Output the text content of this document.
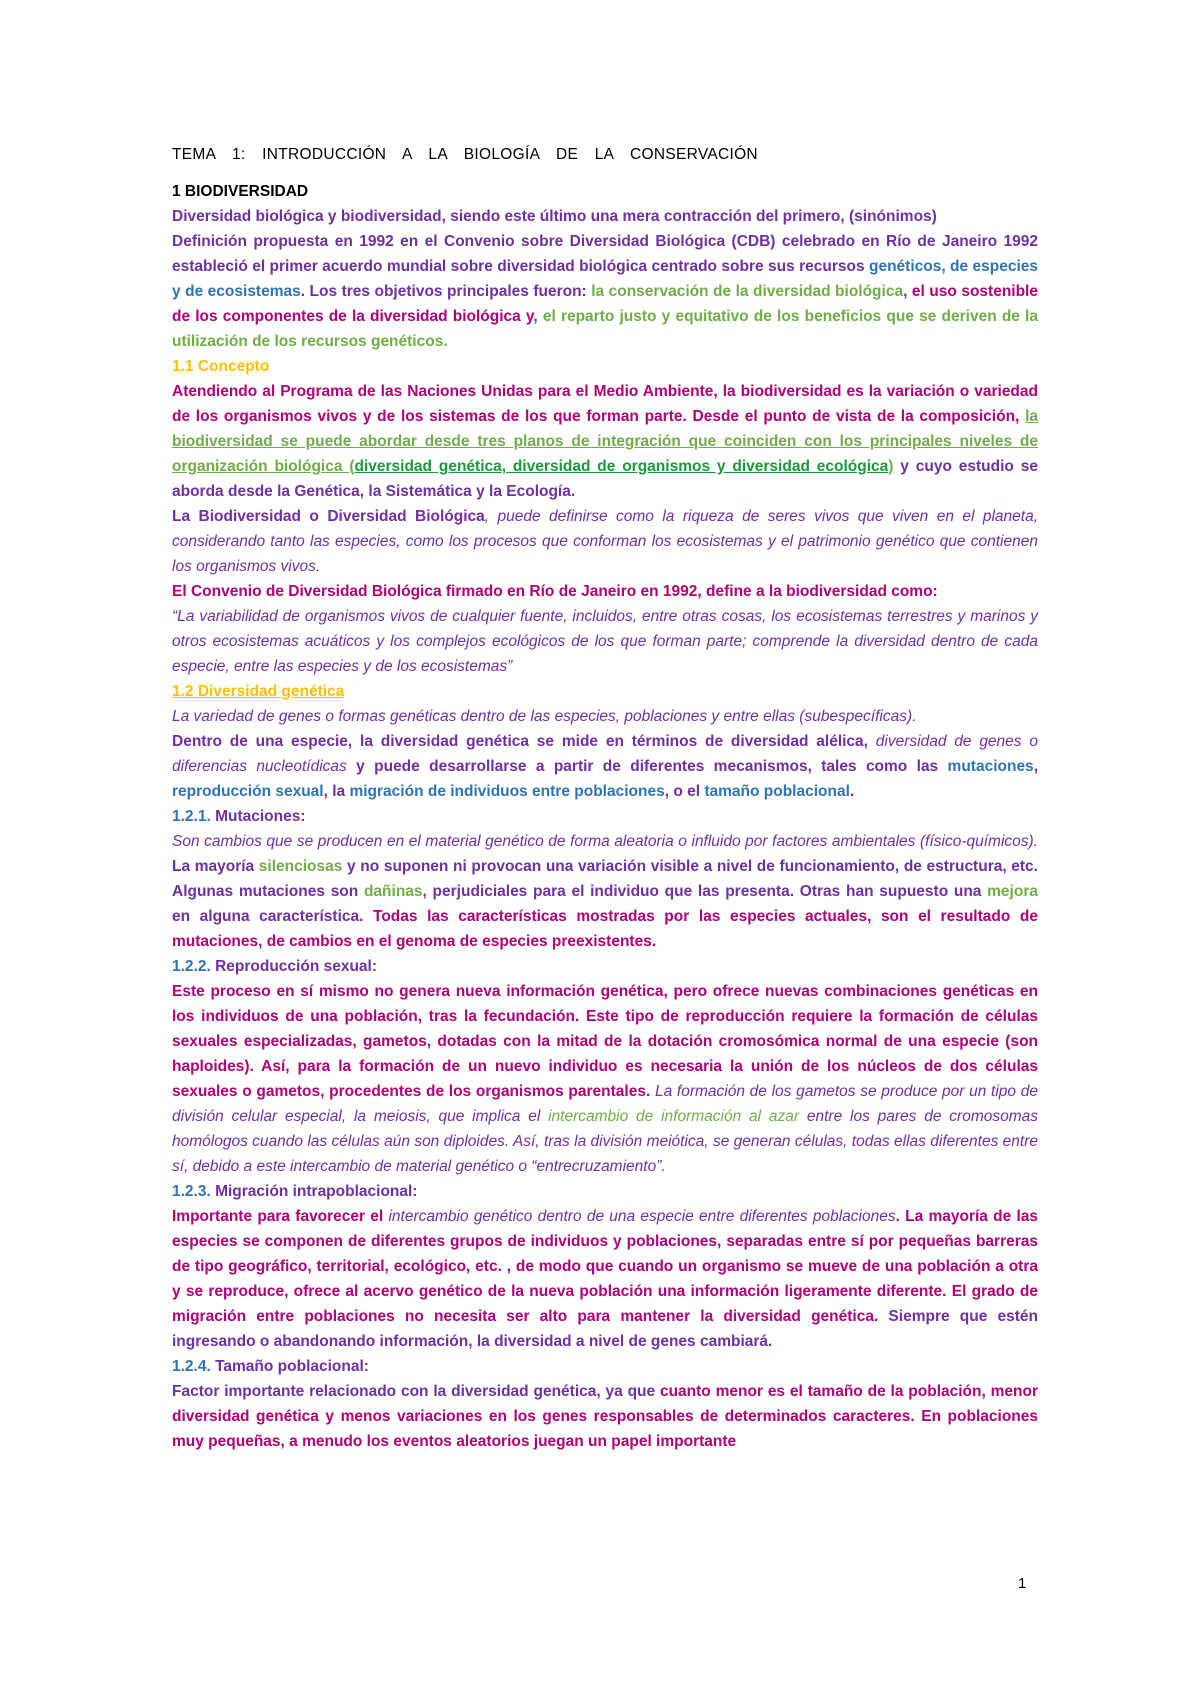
TEMA 1: INTRODUCCIÓN A LA BIOLOGÍA DE LA CONSERVACIÓN
1 BIODIVERSIDAD

Diversidad biológica y biodiversidad, siendo este último una mera contracción del primero, (sinónimos)
Definición propuesta en 1992 en el Convenio sobre Diversidad Biológica (CDB) celebrado en Río de Janeiro 1992 estableció el primer acuerdo mundial sobre diversidad biológica centrado sobre sus recursos genéticos, de especies y de ecosistemas. Los tres objetivos principales fueron: la conservación de la diversidad biológica, el uso sostenible de los componentes de la diversidad biológica y, el reparto justo y equitativo de los beneficios que se deriven de la utilización de los recursos genéticos.

1.1 Concepto

Atendiendo al Programa de las Naciones Unidas para el Medio Ambiente, la biodiversidad es la variación o variedad de los organismos vivos y de los sistemas de los que forman parte. Desde el punto de vista de la composición, la biodiversidad se puede abordar desde tres planos de integración que coinciden con los principales niveles de organización biológica (diversidad genética, diversidad de organismos y diversidad ecológica) y cuyo estudio se aborda desde la Genética, la Sistemática y la Ecología.

La Biodiversidad o Diversidad Biológica, puede definirse como la riqueza de seres vivos que viven en el planeta, considerando tanto las especies, como los procesos que conforman los ecosistemas y el patrimonio genético que contienen los organismos vivos.

El Convenio de Diversidad Biológica firmado en Río de Janeiro en 1992, define a la biodiversidad como:
“La variabilidad de organismos vivos de cualquier fuente, incluidos, entre otras cosas, los ecosistemas terrestres y marinos y otros ecosistemas acuáticos y los complejos ecológicos de los que forman parte; comprende la diversidad dentro de cada especie, entre las especies y de los ecosistemas”

1.2 Diversidad genética

La variedad de genes o formas genéticas dentro de las especies, poblaciones y entre ellas (subespecíficas).
Dentro de una especie, la diversidad genética se mide en términos de diversidad alélica, diversidad de genes o diferencias nucleotídicas y puede desarrollarse a partir de diferentes mecanismos, tales como las mutaciones, reproducción sexual, la migración de individuos entre poblaciones, o el tamaño poblacional.

1.2.1. Mutaciones:

Son cambios que se producen en el material genético de forma aleatoria o influido por factores ambientales (físico-químicos). La mayoría silenciosas y no suponen ni provocan una variación visible a nivel de funcionamiento, de estructura, etc. Algunas mutaciones son dañinas, perjudiciales para el individuo que las presenta. Otras han supuesto una mejora en alguna característica. Todas las características mostradas por las especies actuales, son el resultado de mutaciones, de cambios en el genoma de especies preexistentes.

1.2.2. Reproducción sexual:

Este proceso en sí mismo no genera nueva información genética, pero ofrece nuevas combinaciones genéticas en los individuos de una población, tras la fecundación. Este tipo de reproducción requiere la formación de células sexuales especializadas, gametos, dotadas con la mitad de la dotación cromosómica normal de una especie (son haploides). Así, para la formación de un nuevo individuo es necesaria la unión de los núcleos de dos células sexuales o gametos, procedentes de los organismos parentales. La formación de los gametos se produce por un tipo de división celular especial, la meiosis, que implica el intercambio de información al azar entre los pares de cromosomas homólogos cuando las células aún son diploides. Así, tras la división meiótica, se generan células, todas ellas diferentes entre sí, debido a este intercambio de material genético o “entrecruzamiento”.

1.2.3. Migración intrapoblacional:

Importante para favorecer el intercambio genético dentro de una especie entre diferentes poblaciones. La mayoría de las especies se componen de diferentes grupos de individuos y poblaciones, separadas entre sí por pequeñas barreras de tipo geográfico, territorial, ecológico, etc. , de modo que cuando un organismo se mueve de una población a otra y se reproduce, ofrece al acervo genético de la nueva población una información ligeramente diferente. El grado de migración entre poblaciones no necesita ser alto para mantener la diversidad genética. Siempre que estén ingresando o abandonando información, la diversidad a nivel de genes cambiará.

1.2.4. Tamaño poblacional:

Factor importante relacionado con la diversidad genética, ya que cuanto menor es el tamaño de la población, menor diversidad genética y menos variaciones en los genes responsables de determinados caracteres. En poblaciones muy pequeñas, a menudo los eventos aleatorios juegan un papel importante

1
